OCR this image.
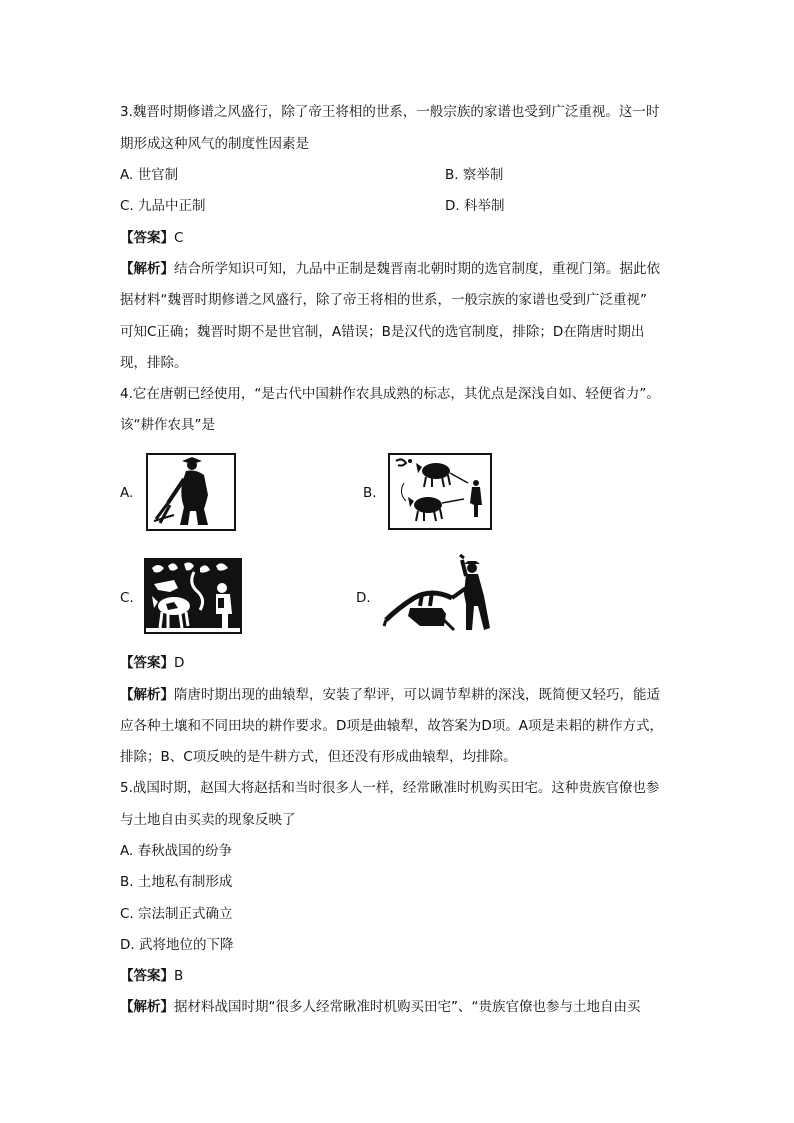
3.魏晋时期修谱之风盛行，除了帝王将相的世系，一般宗族的家谱也受到广泛重视。这一时
期形成这种风气的制度性因素是
A. 世官制	B. 察举制
C. 九品中正制	D. 科举制
【答案】C
【解析】结合所学知识可知，九品中正制是魏晋南北朝时期的选官制度，重视门第。据此依
据材料“魏晋时期修谱之风盛行，除了帝王将相的世系，一般宗族的家谱也受到广泛重视”
可知C正确；魏晋时期不是世官制，A错误；B是汉代的选官制度，排除；D在隋唐时期出
现，排除。
4.它在唐朝已经使用，“是古代中国耕作农具成熟的标志，其优点是深浅自如、轻便省力”。
该“耕作农具”是
A.	B.
C.	D.
【答案】D
【解析】隋唐时期出现的曲辕犁，安装了犁评，可以调节犁耕的深浅，既简便又轻巧，能适
应各种土壤和不同田块的耕作要求。D项是曲辕犁，故答案为D项。A项是耒耜的耕作方式，
排除；B、C项反映的是牛耕方式，但还没有形成曲辕犁，均排除。
5.战国时期，赵国大将赵括和当时很多人一样，经常瞅准时机购买田宅。这种贵族官僚也参
与土地自由买卖的现象反映了
A. 春秋战国的纷争
B. 土地私有制形成
C. 宗法制正式确立
D. 武将地位的下降
【答案】B
【解析】据材料战国时期“很多人经常瞅准时机购买田宅”、“贵族官僚也参与土地自由买
